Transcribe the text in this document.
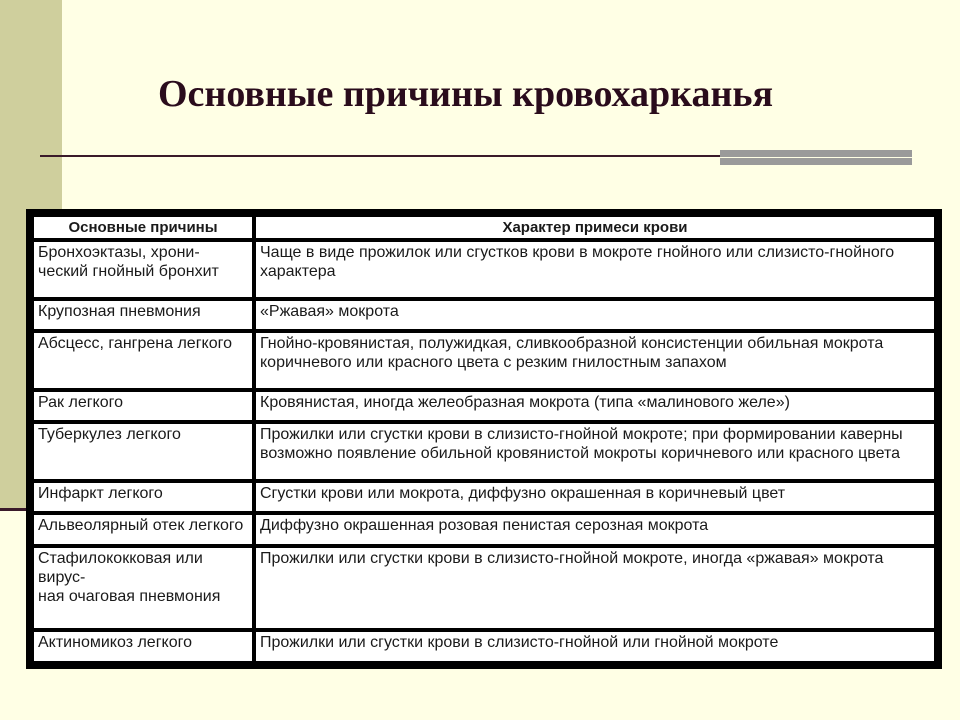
Основные причины кровохарканья
Основные причины	Характер примеси крови
Бронхоэктазы, хрони-
ческий гнойный бронхит	Чаще в виде прожилок или сгустков крови в мокроте гнойного или слизисто-гнойного характера
Крупозная пневмония	«Ржавая» мокрота
Абсцесс, гангрена легкого	Гнойно-кровянистая, полужидкая, сливкообразной консистенции обильная мокрота коричневого или красного цвета с резким гнилостным запахом
Рак легкого	Кровянистая, иногда желеобразная мокрота (типа «малинового желе»)
Туберкулез легкого	Прожилки или сгустки крови в слизисто-гнойной мокроте; при формировании каверны возможно появление обильной кровянистой мокроты коричневого или красного цвета
Инфаркт легкого	Сгустки крови или мокрота, диффузно окрашенная в коричневый цвет
Альвеолярный отек легкого	Диффузно окрашенная розовая пенистая серозная мокрота
Стафилококковая или вирус-
ная очаговая пневмония	Прожилки или сгустки крови в слизисто-гнойной мокроте, иногда «ржавая» мокрота
Актиномикоз легкого	Прожилки или сгустки крови в слизисто-гнойной или гнойной мокроте
